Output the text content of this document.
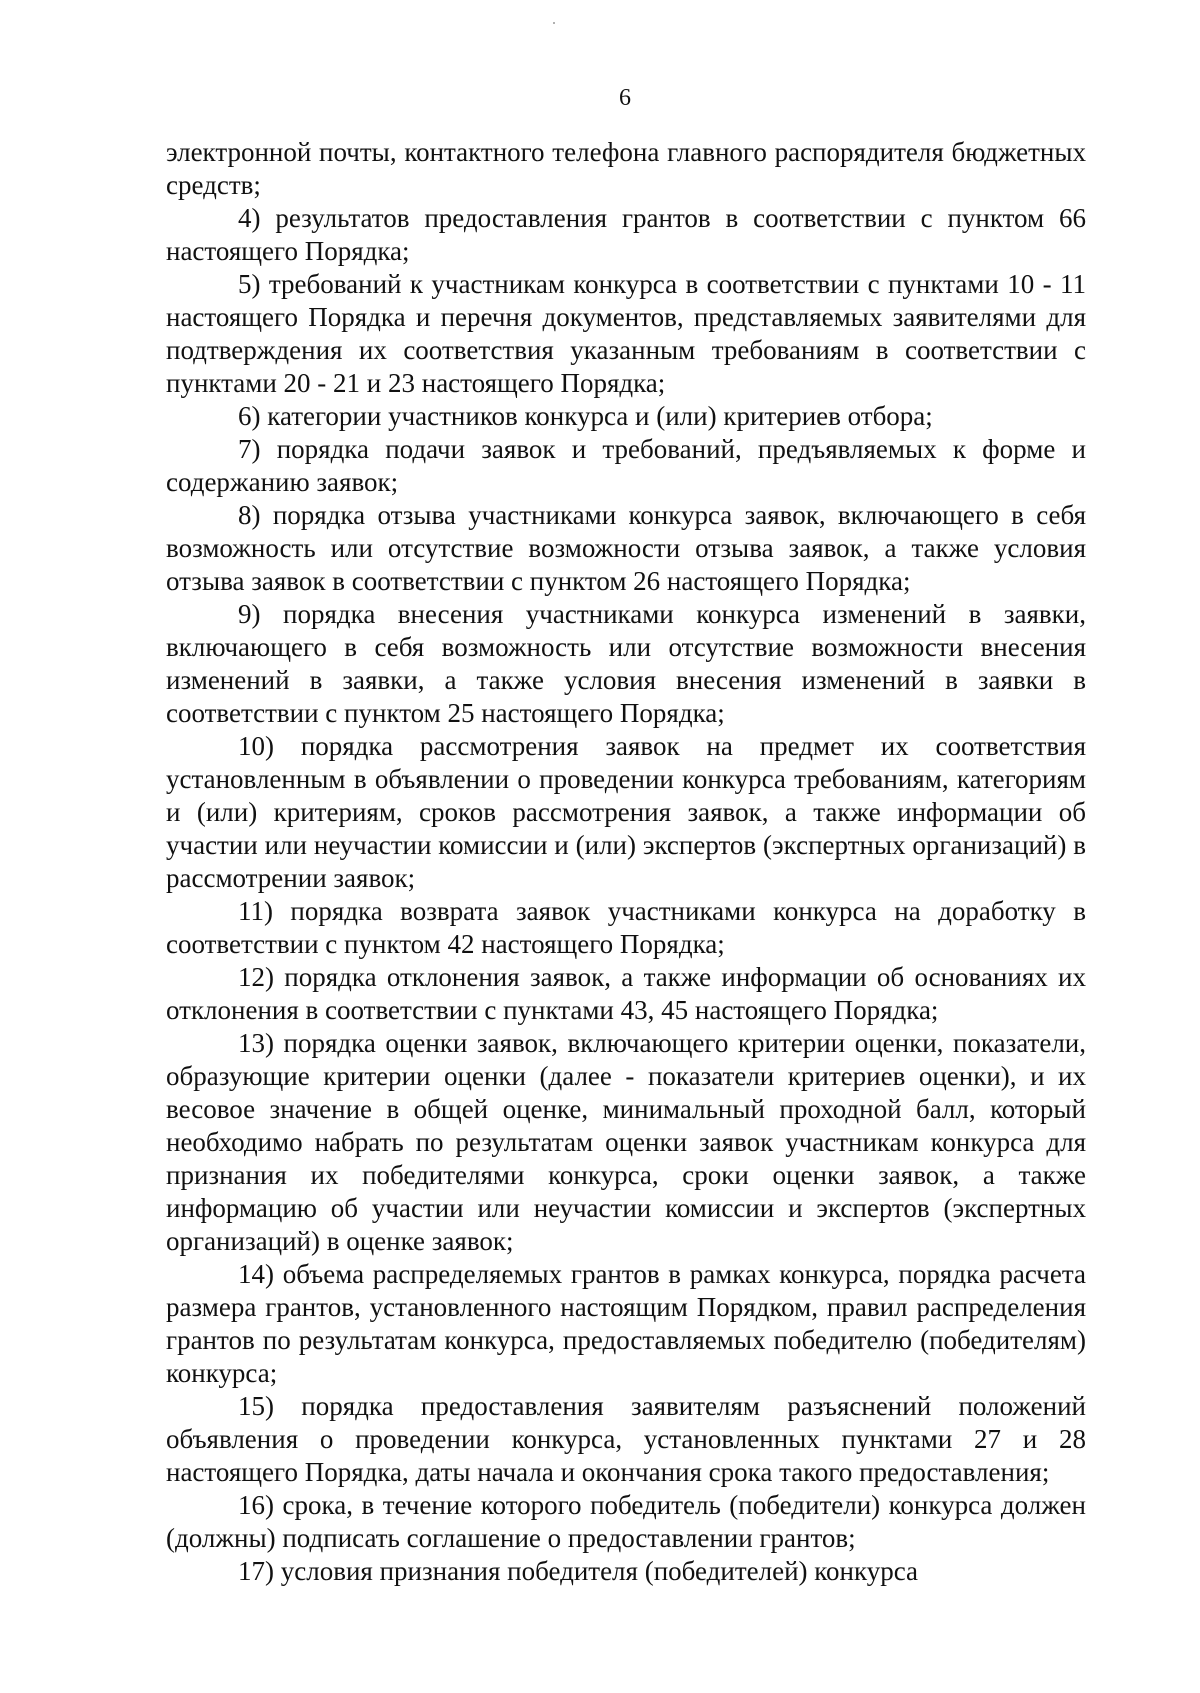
6

электронной почты, контактного телефона главного распорядителя бюджетных средств;

4) результатов предоставления грантов в соответствии с пунктом 66 настоящего Порядка;

5) требований к участникам конкурса в соответствии с пунктами 10 - 11 настоящего Порядка и перечня документов, представляемых заявителями для подтверждения их соответствия указанным требованиям в соответствии с пунктами 20 - 21 и 23 настоящего Порядка;

6) категории участников конкурса и (или) критериев отбора;

7) порядка подачи заявок и требований, предъявляемых к форме и содержанию заявок;

8) порядка отзыва участниками конкурса заявок, включающего в себя возможность или отсутствие возможности отзыва заявок, а также условия отзыва заявок в соответствии с пунктом 26 настоящего Порядка;

9) порядка внесения участниками конкурса изменений в заявки, включающего в себя возможность или отсутствие возможности внесения изменений в заявки, а также условия внесения изменений в заявки в соответствии с пунктом 25 настоящего Порядка;

10) порядка рассмотрения заявок на предмет их соответствия установленным в объявлении о проведении конкурса требованиям, категориям и (или) критериям, сроков рассмотрения заявок, а также информации об участии или неучастии комиссии и (или) экспертов (экспертных организаций) в рассмотрении заявок;

11) порядка возврата заявок участниками конкурса на доработку в соответствии с пунктом 42 настоящего Порядка;

12) порядка отклонения заявок, а также информации об основаниях их отклонения в соответствии с пунктами 43, 45 настоящего Порядка;

13) порядка оценки заявок, включающего критерии оценки, показатели, образующие критерии оценки (далее - показатели критериев оценки), и их весовое значение в общей оценке, минимальный проходной балл, который необходимо набрать по результатам оценки заявок участникам конкурса для признания их победителями конкурса, сроки оценки заявок, а также информацию об участии или неучастии комиссии и экспертов (экспертных организаций) в оценке заявок;

14) объема распределяемых грантов в рамках конкурса, порядка расчета размера грантов, установленного настоящим Порядком, правил распределения грантов по результатам конкурса, предоставляемых победителю (победителям) конкурса;

15) порядка предоставления заявителям разъяснений положений объявления о проведении конкурса, установленных пунктами 27 и 28 настоящего Порядка, даты начала и окончания срока такого предоставления;

16) срока, в течение которого победитель (победители) конкурса должен (должны) подписать соглашение о предоставлении грантов;

17) условия признания победителя (победителей) конкурса
